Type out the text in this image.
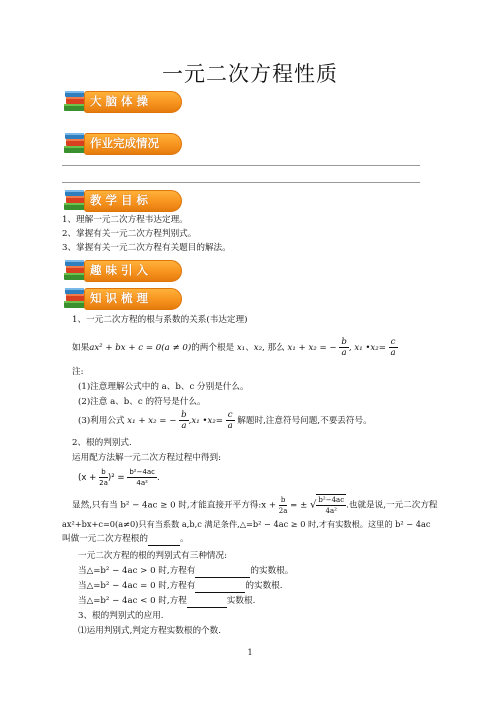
一元二次方程性质
大 脑 体 操
作业完成情况
教 学 目 标
1、理解一元二次方程韦达定理。
2、掌握有关一元二次方程判别式。
3、掌握有关一元二次方程有关题目的解法。
趣 味 引 入
知 识 梳 理
1、一元二次方程的根与系数的关系(韦达定理)
如果ax² + bx + c = 0(a ≠ 0)的两个根是 x₁、x₂, 那么 x₁ + x₂ = − $\frac{b}{a}$ , x₁ •x₂= $\frac{c}{a}$
注:
(1)注意理解公式中的 a、b、c 分别是什么。
(2)注意 a、b、c 的符号是什么。
(3)利用公式 x₁ + x₂ = − $\frac{b}{a} ,x_1$ •x₂= $\frac{c}{a}$ 解题时,注意符号问题,不要丢符号。
2、根的判别式.
运用配方法解一元二次方程过程中得到:
$(x + \frac{b}{2a} )^2 = \frac{\text{b²−4ac}}{\text{4a²}}$ .
显然,只有当 b² − 4ac ≥ 0 时,才能直接开平方得:x + $\frac{b}{2a}$ = ± √ $\frac{\text{b²−4ac}}{\text{4a²}}$ .也就是说,一元二次方程
ax²+bx+c=0(a≠0)只有当系数 a,b,c 满足条件,△=b² − 4ac ≥ 0 时,才有实数根。这里的 b² − 4ac
叫做一元二次方程根的	。
一元二次方程的根的判别式有三种情况:
当△=b² − 4ac > 0 时,方程有	的实数根。
当△=b² − 4ac = 0 时,方程有	的实数根.
当△=b² − 4ac < 0 时,方程	实数根.
3、根的判别式的应用.
⑴运用判别式,判定方程实数根的个数.
1
